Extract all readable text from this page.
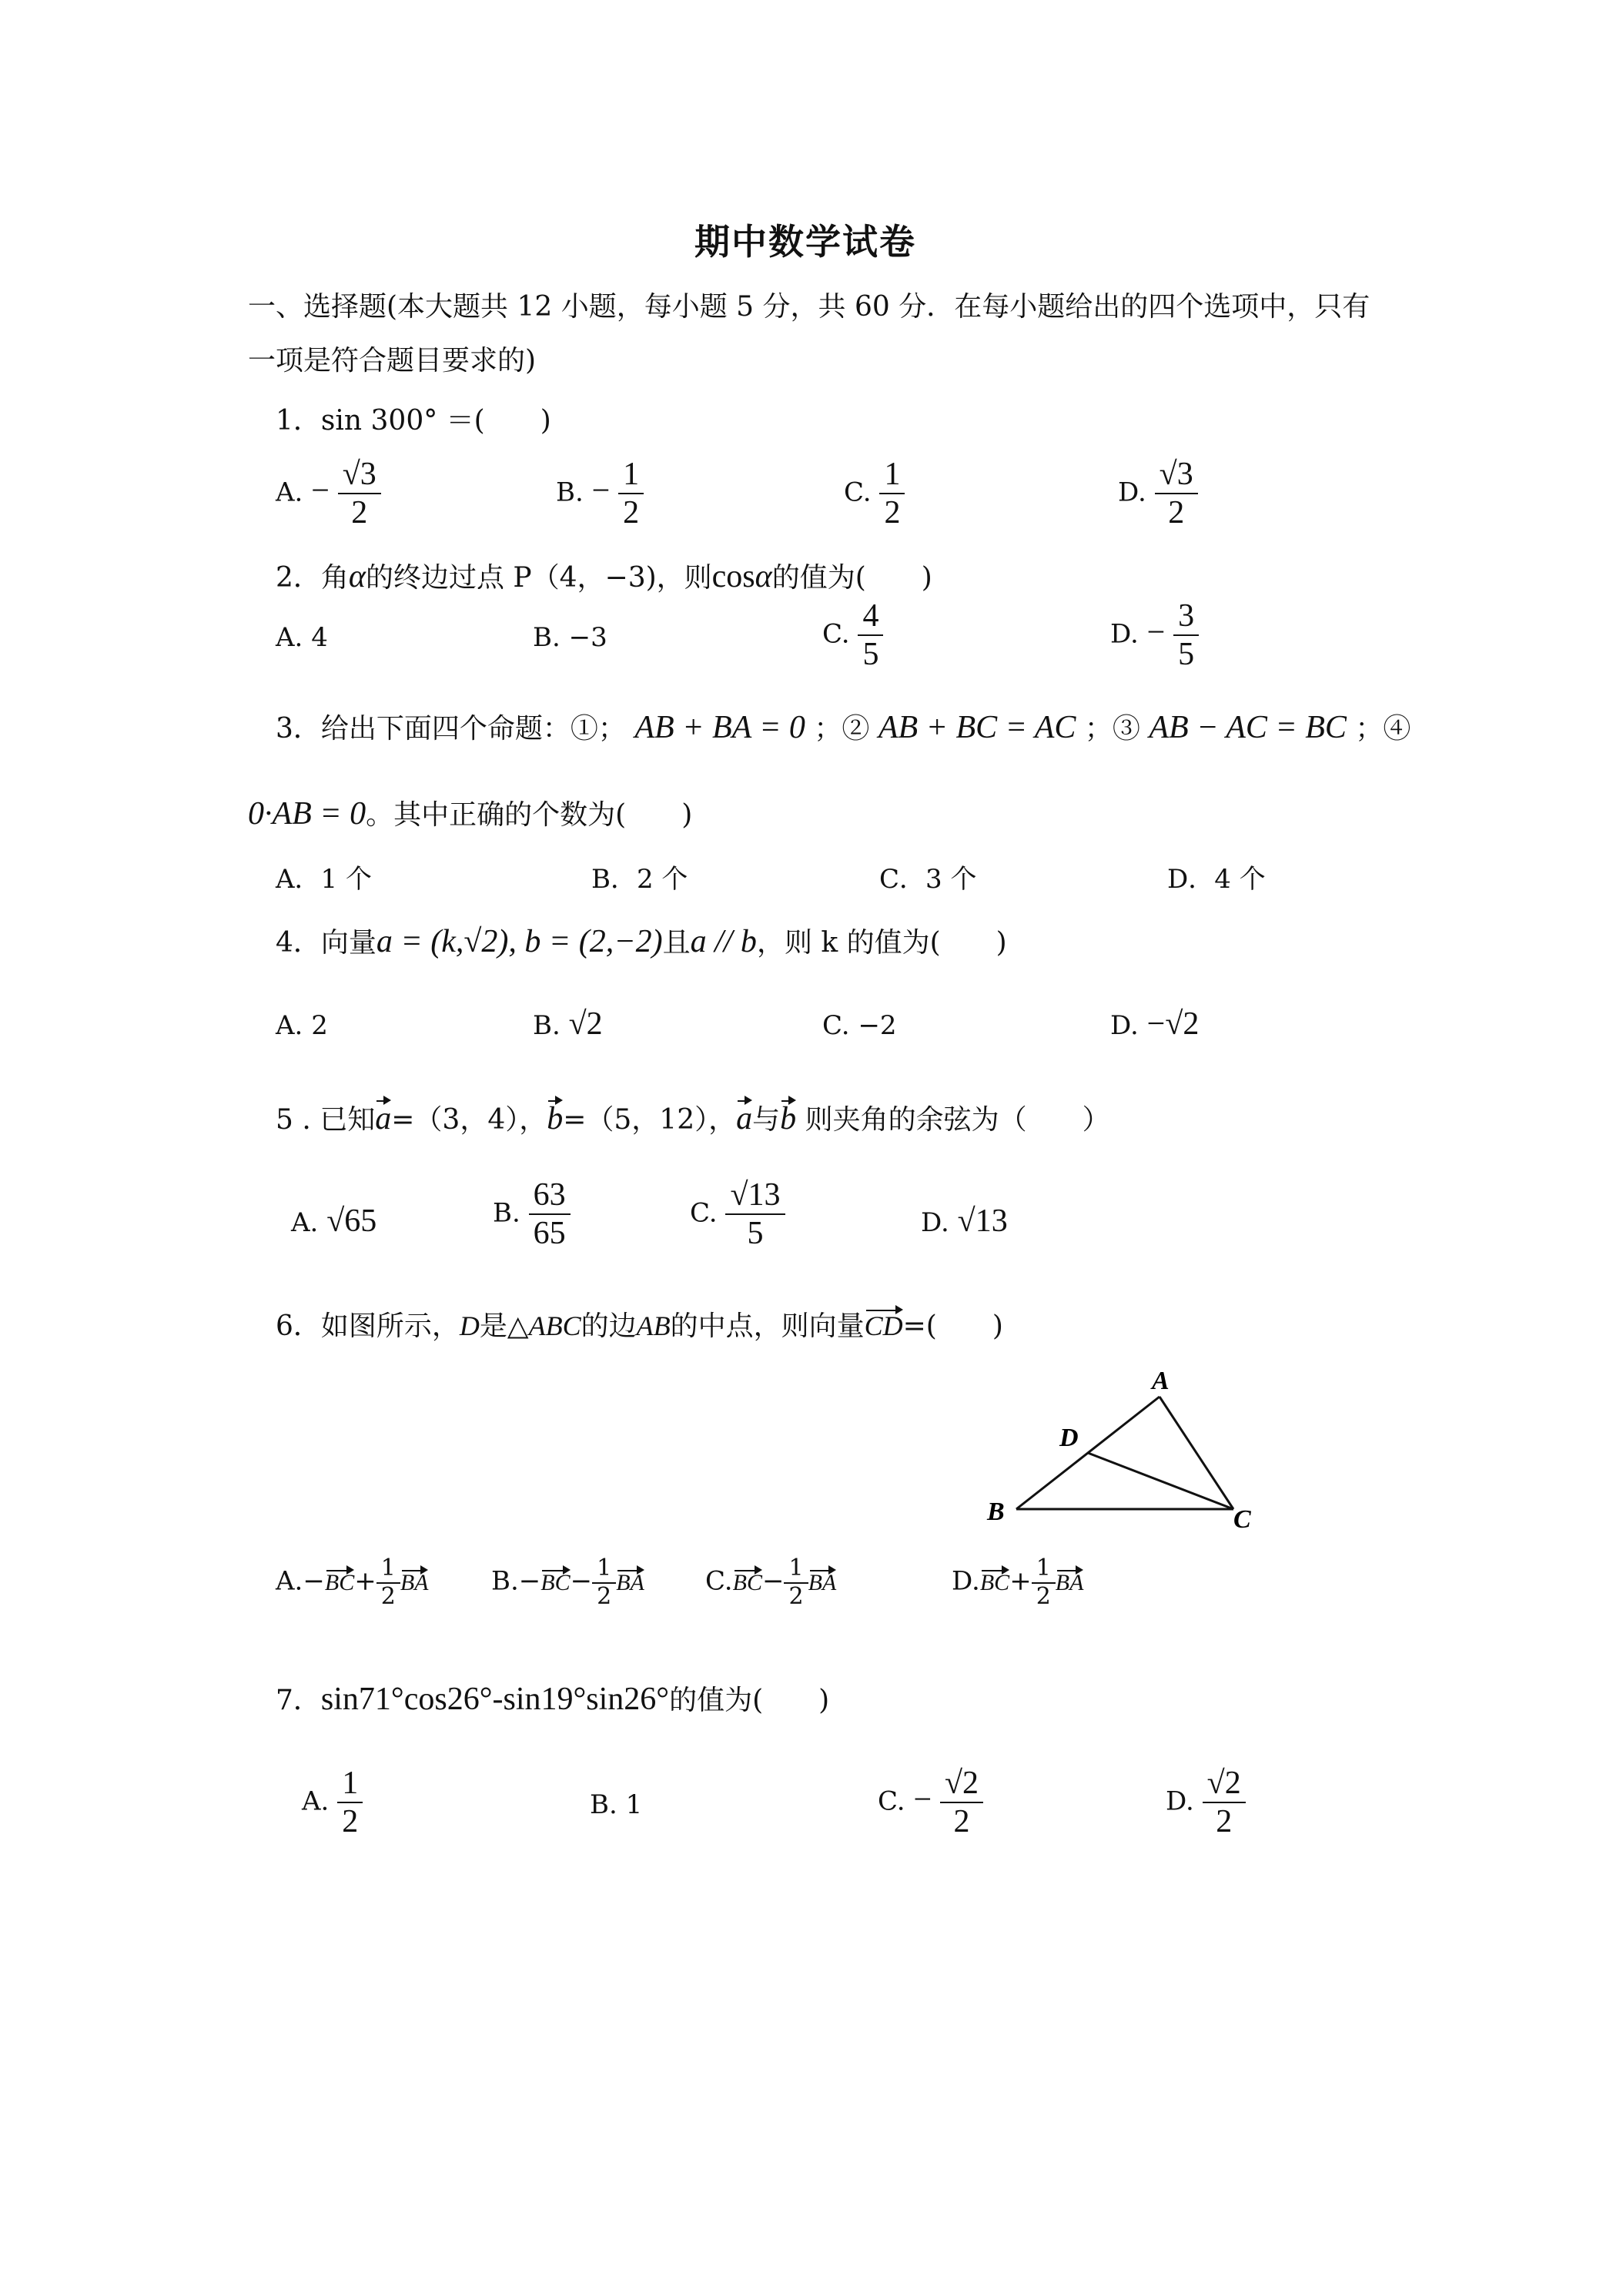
期中数学试卷
一、选择题(本大题共 12 小题，每小题 5 分，共 60 分．在每小题给出的四个选项中，只有
一项是符合题目要求的)
1．sin 300° ＝(　　)
A. − $\frac{√3}{2}$	B. − $\frac{1}{2}$	C. $\frac{1}{2}$	D. $\frac{√3}{2}$
2．角α的终边过点 P（4，−3)，则cosα的值为(　　)
A. 4	B. −3	C. $\frac{4}{5}$	D. − $\frac{3}{5}$
3．给出下面四个命题：①； AB + BA = 0 ；② AB + BC = AC ；③ AB − AC = BC ；④
0·AB = 0。其中正确的个数为(　　)
A．1 个	B．2 个	C．3 个	D．4 个
4．向量a = (k,√2), b = (2,−2)且a // b，则 k 的值为(　　)
A. 2	B. √2	C. −2	D. −√2
5 . 已知a=（3，4），b=（5，12），a与b 则夹角的余弦为（　　）
A. √65	B. $\frac{63}{65}$	C. $\frac{√13}{5}$	D. √13
6．如图所示，D是△ABC的边AB的中点，则向量CD=(　　)
A
B	C
D
$A.-BC+ \frac{1}{2}$ BA $B.-BC- \frac{1}{2}$ BA $C.BC- \frac{1}{2}$ BA	$D.BC+ \frac{1}{2}$ BA
7．sin71°cos26°-sin19°sin26°的值为(　　)
A. $\frac{1}{2}$	B. 1	C. − $\frac{√2}{2}$	D. $\frac{√2}{2}$
